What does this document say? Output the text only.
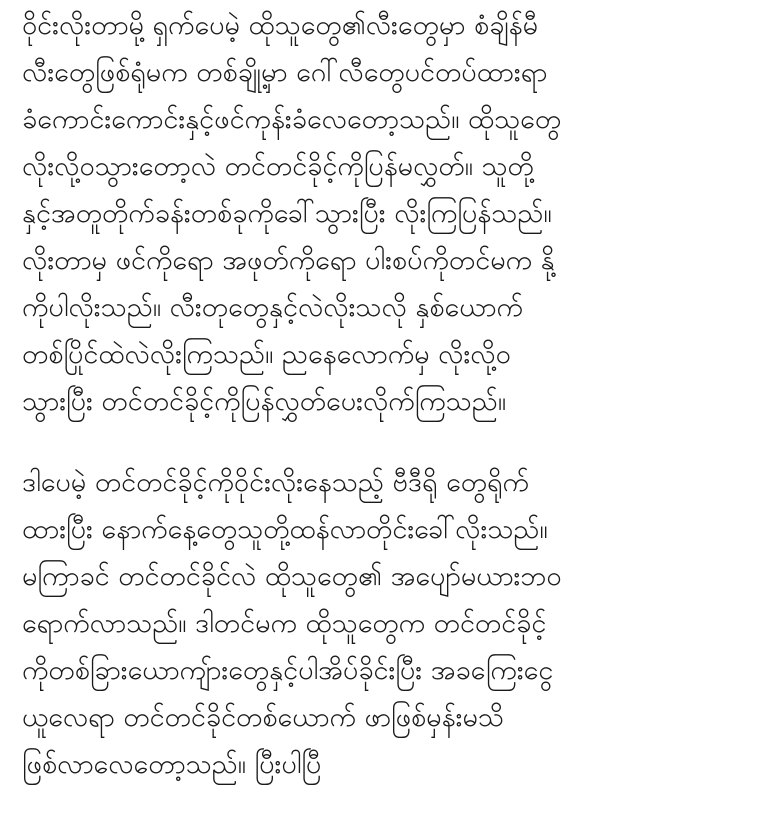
ဝိုင်းလိုးတာမို့ ရှက်ပေမဲ့ ထိုသူတွေ၏လီးတွေမှာ စံချိန်မီ
လီးတွေဖြစ်ရုံမက တစ်ချို့မှာ ဂေါ်လီတွေပင်တပ်ထားရာ
ခံကောင်းကောင်းနှင့်ဖင်ကုန်းခံလေတော့သည်။ ထိုသူတွေ
လိုးလို့ဝသွားတော့လဲ တင်တင်ခိုင့်ကိုပြန်မလွှတ်။ သူတို့
နှင့်အတူတိုက်ခန်းတစ်ခုကိုခေါ်သွားပြီး လိုးကြပြန်သည်။
လိုးတာမှ ဖင်ကိုရော အဖုတ်ကိုရော ပါးစပ်ကိုတင်မက နို့
ကိုပါလိုးသည်။ လီးတုတွေနှင့်လဲလိုးသလို နှစ်ယောက်
တစ်ပြိုင်ထဲလဲလိုးကြသည်။ ညနေလောက်မှ လိုးလို့ဝ
သွားပြီး တင်တင်ခိုင့်ကိုပြန်လွှတ်ပေးလိုက်ကြသည်။
ဒါပေမဲ့ တင်တင်ခိုင့်ကိုဝိုင်းလိုးနေသည့် ဗီဒီရို တွေရိုက်
ထားပြီး နောက်နေ့တွေသူတို့ထန်လာတိုင်းခေါ်လိုးသည်။
မကြာခင် တင်တင်ခိုင်လဲ ထိုသူတွေ၏ အပျော်မယားဘဝ
ရောက်လာသည်။ ဒါတင်မက ထိုသူတွေက တင်တင်ခိုင့်
ကိုတစ်ခြားယောကျ်ားတွေနှင့်ပါအိပ်ခိုင်းပြီး အခကြေးငွေ
ယူလေရာ တင်တင်ခိုင်တစ်ယောက် ဖာဖြစ်မှန်းမသိ
ဖြစ်လာလေတော့သည်။ ပြီးပါပြီ
